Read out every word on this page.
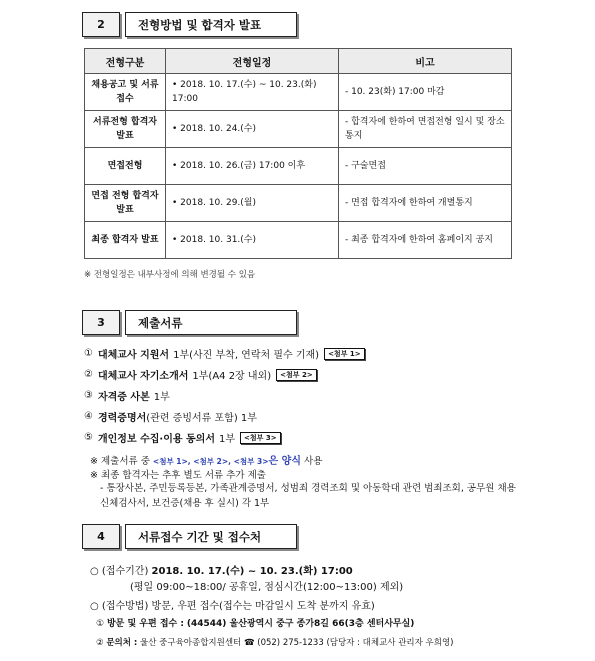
2	전형방법 및 합격자 발표
전형구분	전형일정	비고
채용공고 및 서류접수	• 2018. 10. 17.(수) ~ 10. 23.(화) 17:00	- 10. 23(화) 17:00 마감
서류전형 합격자 발표	• 2018. 10. 24.(수)	- 합격자에 한하여 면접전형 일시 및 장소 통지
면접전형	• 2018. 10. 26.(금) 17:00 이후	- 구술면접
면접 전형 합격자 발표	• 2018. 10. 29.(월)	- 면접 합격자에 한하여 개별통지
최종 합격자 발표	• 2018. 10. 31.(수)	- 최종 합격자에 한하여 홈페이지 공지
※ 전형일정은 내부사정에 의해 변경될 수 있음
3	제출서류
① 대체교사 지원서 1부(사진 부착, 연락처 필수 기재)	<첨부 1>
② 대체교사 자기소개서 1부(A4 2장 내외)	<첨부 2>
③ 자격증 사본 1부
④ 경력증명서 (관련 증빙서류 포함) 1부
⑤ 개인정보 수집·이용 동의서 1부	<첨부 3>
※ 제출서류 중 <첨부 1>, <첨부 2>, <첨부 3>은 양식 사용
※ 최종 합격자는 추후 별도 서류 추가 제출
- 통장사본, 주민등록등본, 가족관계증명서, 성범죄 경력조회 및 아동학대 관련 범죄조회, 공무원 채용신체검사서, 보건증(채용 후 실시) 각 1부
4	서류접수 기간 및 접수처
○ (접수기간) 2018. 10. 17.(수) ~ 10. 23.(화) 17:00
(평일 09:00~18:00/ 공휴일, 점심시간(12:00~13:00) 제외)
○ (접수방법) 방문, 우편 접수(접수는 마감일시 도착 분까지 유효)
① 방문 및 우편 접수 : (44544) 울산광역시 중구 종가8길 66(3층 센터사무실)
② 문의처 : 울산 중구육아종합지원센터 ☎ (052) 275-1233 (담당자 : 대체교사 관리자 우희영)
